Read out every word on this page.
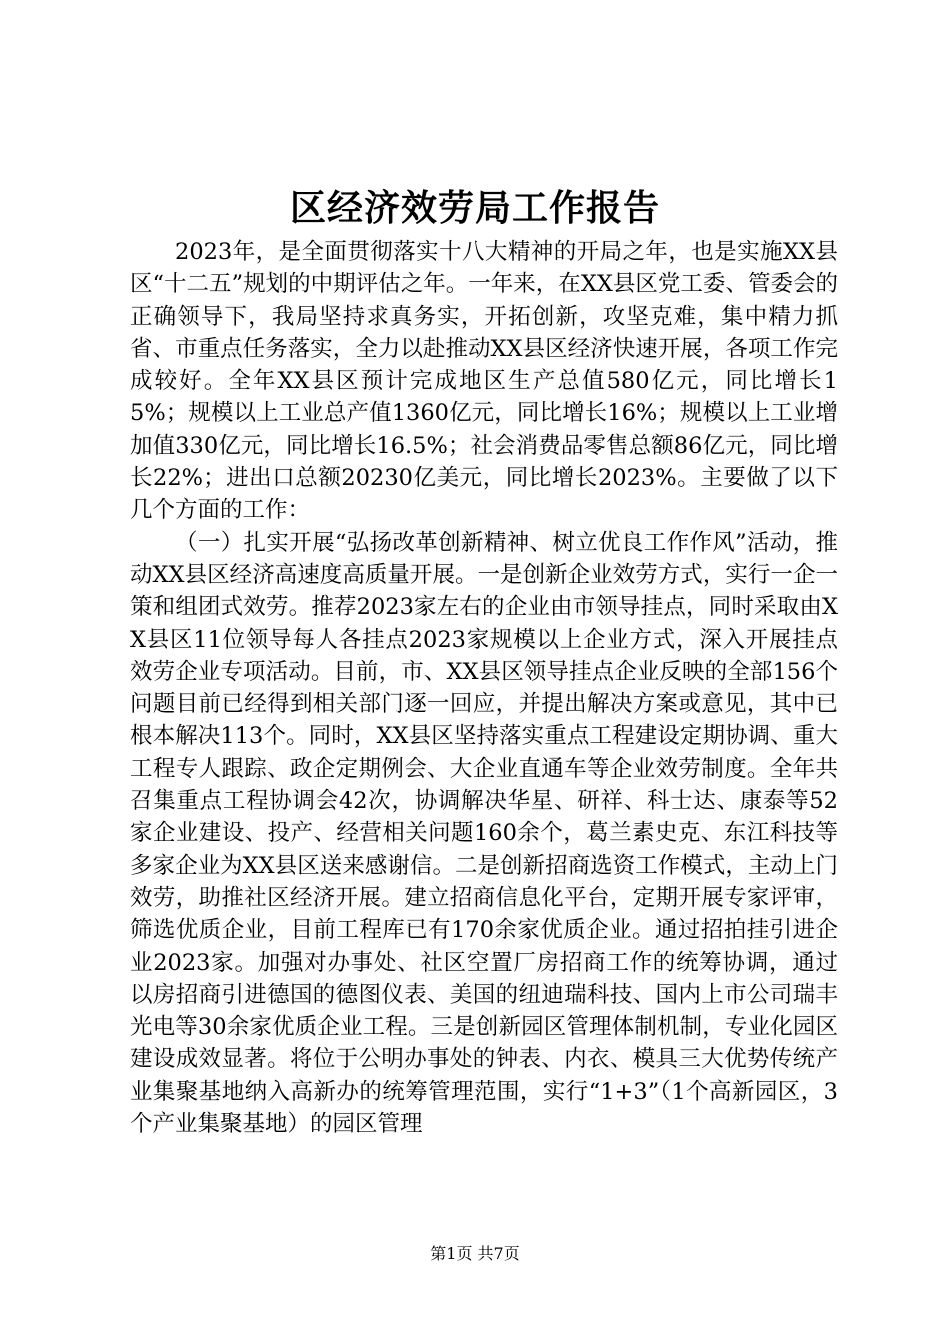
区经济效劳局工作报告

2023年，是全面贯彻落实十八大精神的开局之年，也是实施XX县区“十二五”规划的中期评估之年。一年来，在XX县区党工委、管委会的正确领导下，我局坚持求真务实，开拓创新，攻坚克难，集中精力抓省、市重点任务落实，全力以赴推动XX县区经济快速开展，各项工作完成较好。全年XX县区预计完成地区生产总值580亿元，同比增长15%；规模以上工业总产值1360亿元，同比增长16%；规模以上工业增加值330亿元，同比增长16.5%；社会消费品零售总额86亿元，同比增长22%；进出口总额20230亿美元，同比增长2023%。主要做了以下几个方面的工作：

（一）扎实开展“弘扬改革创新精神、树立优良工作作风”活动，推动XX县区经济高速度高质量开展。一是创新企业效劳方式，实行一企一策和组团式效劳。推荐2023家左右的企业由市领导挂点，同时采取由XX县区11位领导每人各挂点2023家规模以上企业方式，深入开展挂点效劳企业专项活动。目前，市、XX县区领导挂点企业反映的全部156个问题目前已经得到相关部门逐一回应，并提出解决方案或意见，其中已根本解决113个。同时，XX县区坚持落实重点工程建设定期协调、重大工程专人跟踪、政企定期例会、大企业直通车等企业效劳制度。全年共召集重点工程协调会42次，协调解决华星、研祥、科士达、康泰等52家企业建设、投产、经营相关问题160余个，葛兰素史克、东江科技等多家企业为XX县区送来感谢信。二是创新招商选资工作模式，主动上门效劳，助推社区经济开展。建立招商信息化平台，定期开展专家评审，筛选优质企业，目前工程库已有170余家优质企业。通过招拍挂引进企业2023家。加强对办事处、社区空置厂房招商工作的统筹协调，通过以房招商引进德国的德图仪表、美国的纽迪瑞科技、国内上市公司瑞丰光电等30余家优质企业工程。三是创新园区管理体制机制，专业化园区建设成效显著。将位于公明办事处的钟表、内衣、模具三大优势传统产业集聚基地纳入高新办的统筹管理范围，实行“1+3”（1个高新园区，3个产业集聚基地）的园区管理

第1页 共7页
